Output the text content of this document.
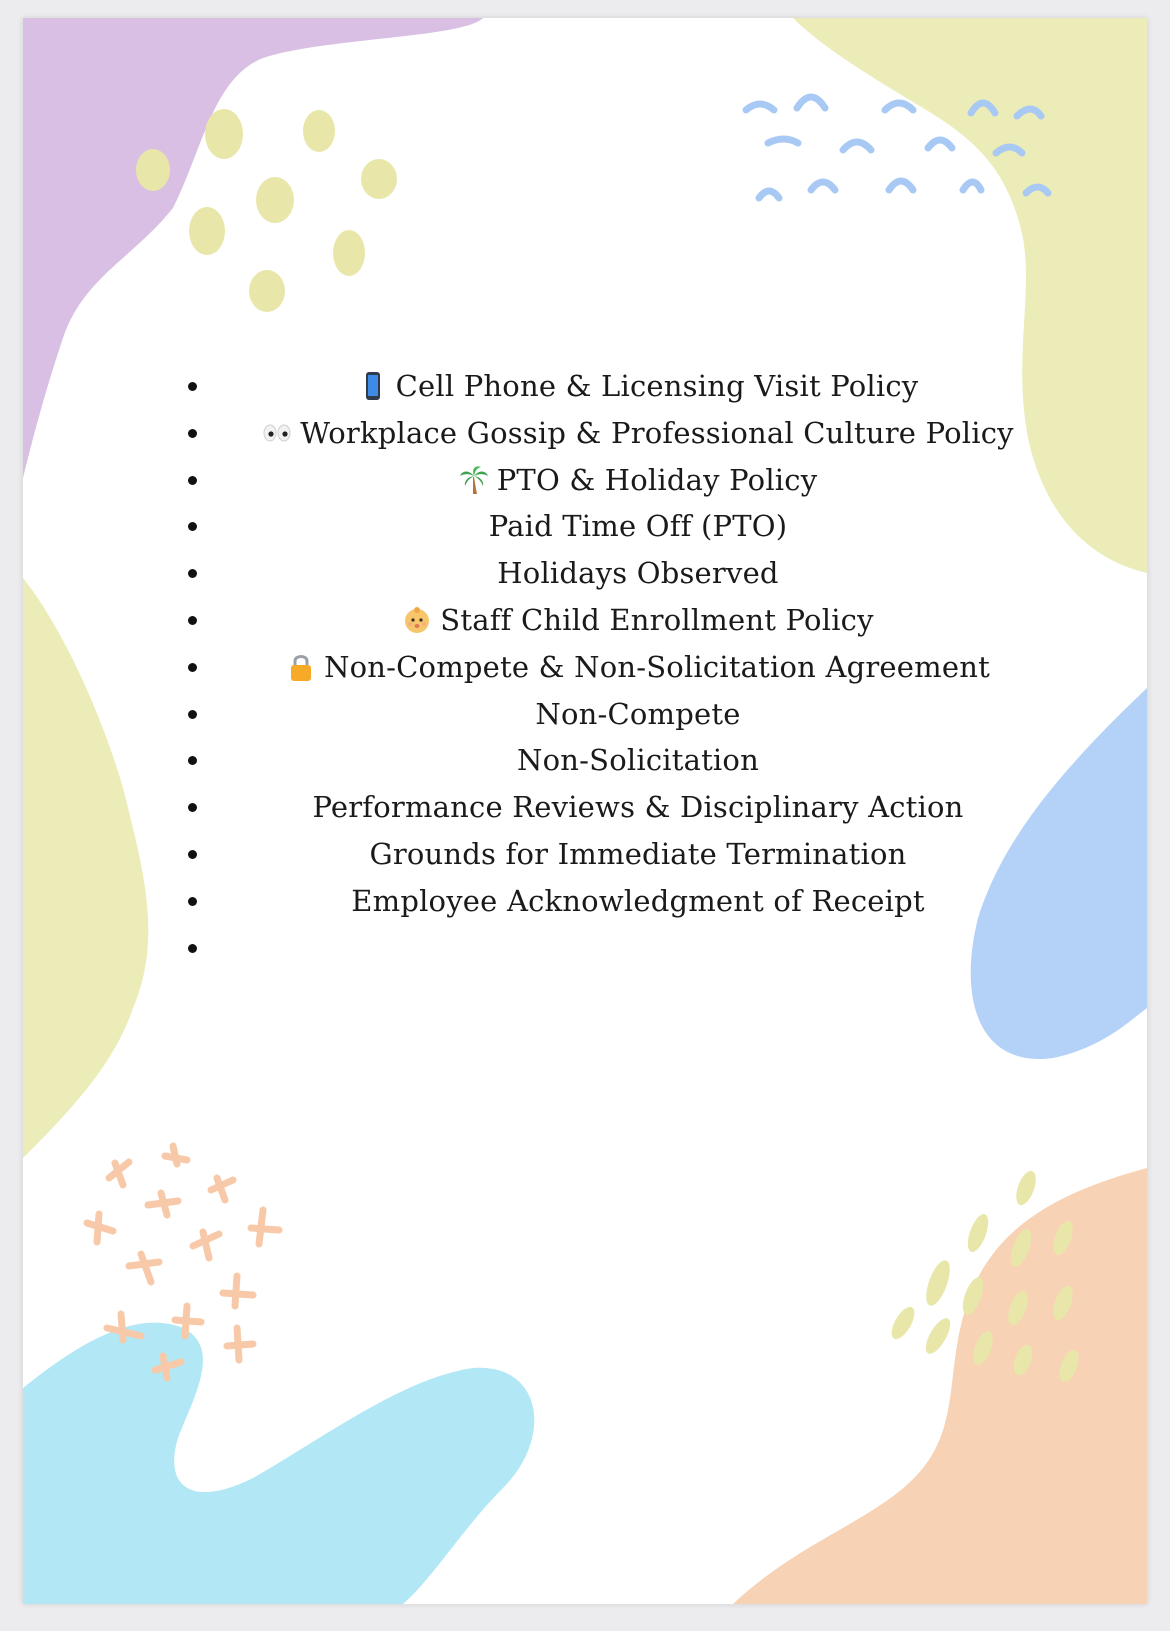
Cell Phone & Licensing Visit Policy
Workplace Gossip & Professional Culture Policy
PTO & Holiday Policy
Paid Time Off (PTO)
Holidays Observed
Staff Child Enrollment Policy
Non-Compete & Non-Solicitation Agreement
Non-Compete
Non-Solicitation
Performance Reviews & Disciplinary Action
Grounds for Immediate Termination
Employee Acknowledgment of Receipt
